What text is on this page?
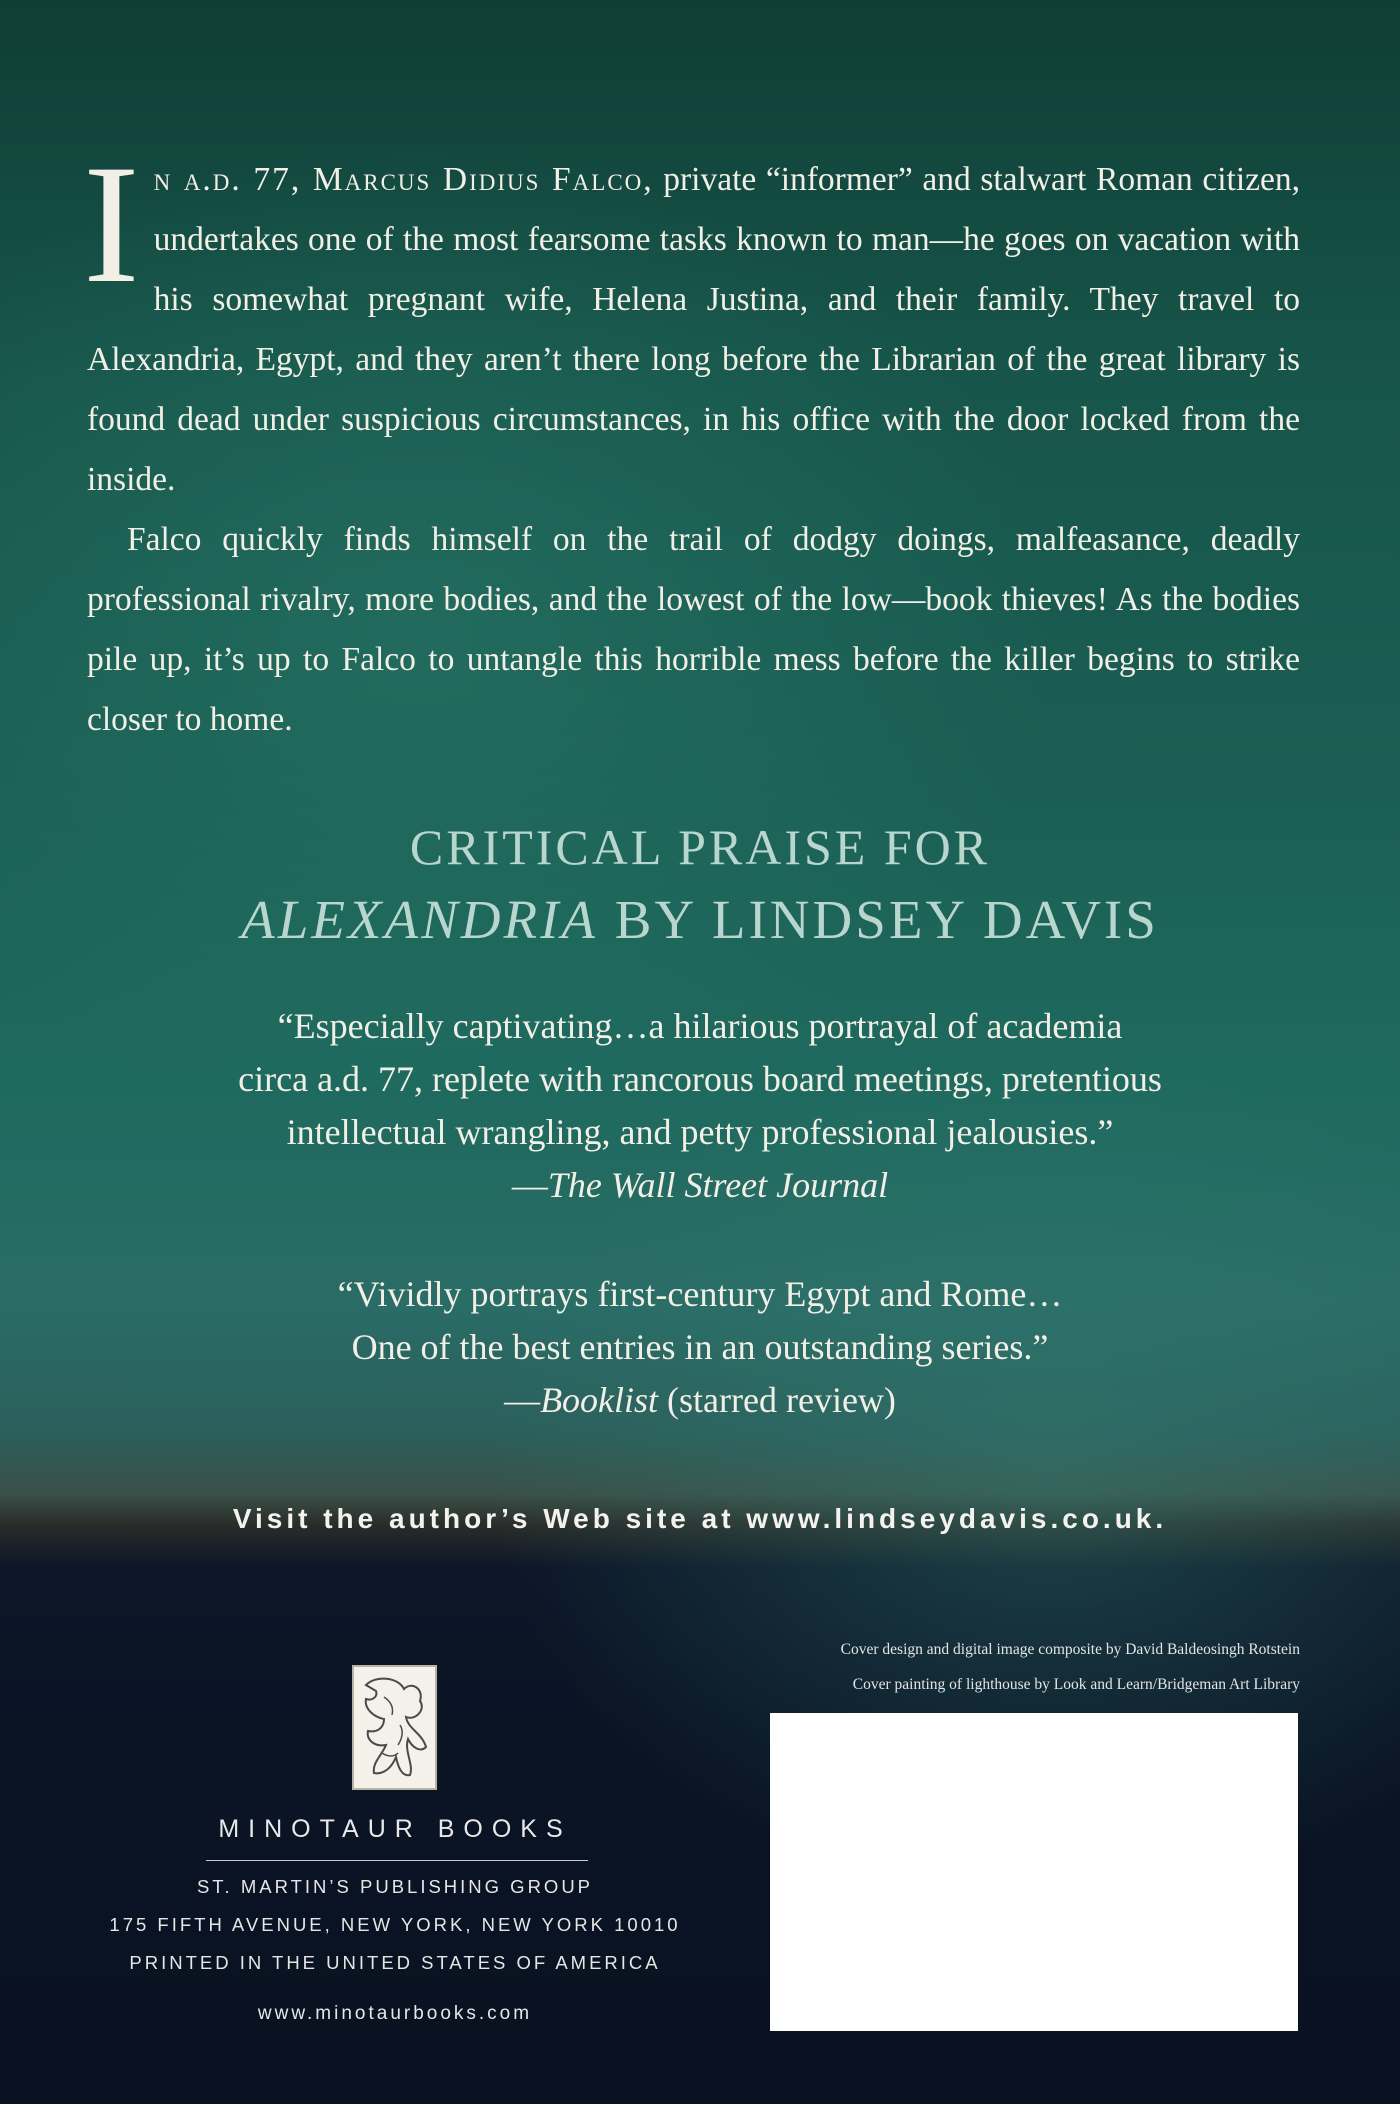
In a.d. 77, Marcus Didius Falco, private “informer” and stalwart Roman citizen, undertakes one of the most fearsome tasks known to man—he goes on vacation with his somewhat pregnant wife, Helena Justina, and their family. They travel to Alexandria, Egypt, and they aren’t there long before the Librarian of the great library is found dead under suspicious circumstances, in his office with the door locked from the inside.

Falco quickly finds himself on the trail of dodgy doings, malfeasance, deadly professional rivalry, more bodies, and the lowest of the low—book thieves! As the bodies pile up, it’s up to Falco to untangle this horrible mess before the killer begins to strike closer to home.

CRITICAL PRAISE FOR
ALEXANDRIA BY LINDSEY DAVIS
“Especially captivating…a hilarious portrayal of academia
circa a.d. 77, replete with rancorous board meetings, pretentious
intellectual wrangling, and petty professional jealousies.”
—The Wall Street Journal
“Vividly portrays first-century Egypt and Rome…
One of the best entries in an outstanding series.”
—Booklist (starred review)
Visit the author’s Web site at www.lindseydavis.co.uk.
Cover design and digital image composite by David Baldeosingh Rotstein
Cover painting of lighthouse by Look and Learn/Bridgeman Art Library
MINOTAUR BOOKS
ST. MARTIN’S PUBLISHING GROUP
175 FIFTH AVENUE, NEW YORK, NEW YORK 10010
PRINTED IN THE UNITED STATES OF AMERICA
www.minotaurbooks.com
